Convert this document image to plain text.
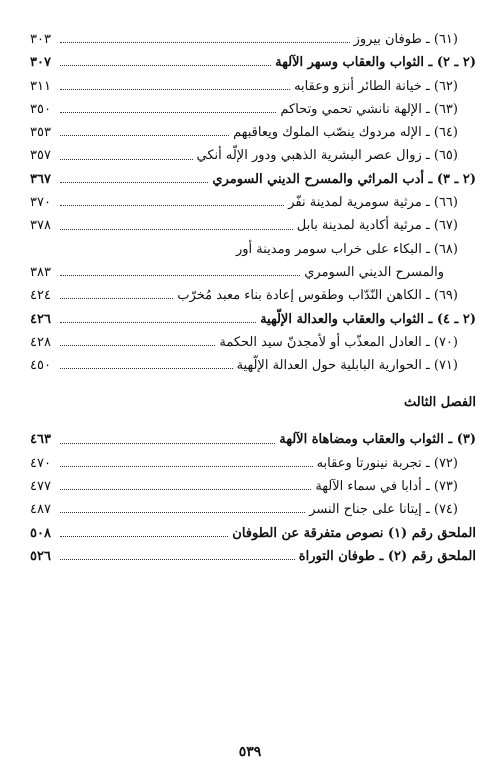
(٦١) ـ طوفان بيروز
٣٠٣
(٢ ـ ٢) ـ الثواب والعقاب وسهر الآلهة
٣٠٧
(٦٢) ـ خيانة الطائر أنزو وعقابه
٣١١
(٦٣) ـ الإلهة نانشي تحمي وتحاكم
٣٥٠
(٦٤) ـ الإله مردوك ينصّب الملوك ويعاقبهم
٣٥٣
(٦٥) ـ زوال عصر البشرية الذهبي ودور الإلّه أنكي
٣٥٧
(٢ ـ ٣) ـ أدب المراثي والمسرح الديني السومري
٣٦٧
(٦٦) ـ مرثية سومرية لمدينة نفّر
٣٧٠
(٦٧) ـ مرثية أكادية لمدينة بابل
٣٧٨
(٦٨) ـ البكاء على خراب سومر ومدينة أور
والمسرح الديني السومري
٣٨٣
(٦٩) ـ الكاهن النّدّاب وطقوس إعادة بناء معبد مُخرّب
٤٢٤
(٢ ـ ٤) ـ الثواب والعقاب والعدالة الإلّهية
٤٢٦
(٧٠) ـ العادل المعذّب أو لأمجدنّ سيد الحكمة
٤٢٨
(٧١) ـ الحوارية البابلية حول العدالة الإلّهية
٤٥٠
الفصل الثالث
(٣) ـ الثواب والعقاب ومضاهاة الآلهة
٤٦٣
(٧٢) ـ تجربة نينورتا وعقابه
٤٧٠
(٧٣) ـ أدابا في سماء الآلهة
٤٧٧
(٧٤) ـ إيتانا على جناح النسر
٤٨٧
الملحق رقم (١) نصوص متفرقة عن الطوفان
٥٠٨
الملحق رقم (٢) ـ طوفان التوراة
٥٢٦
٥٣٩
